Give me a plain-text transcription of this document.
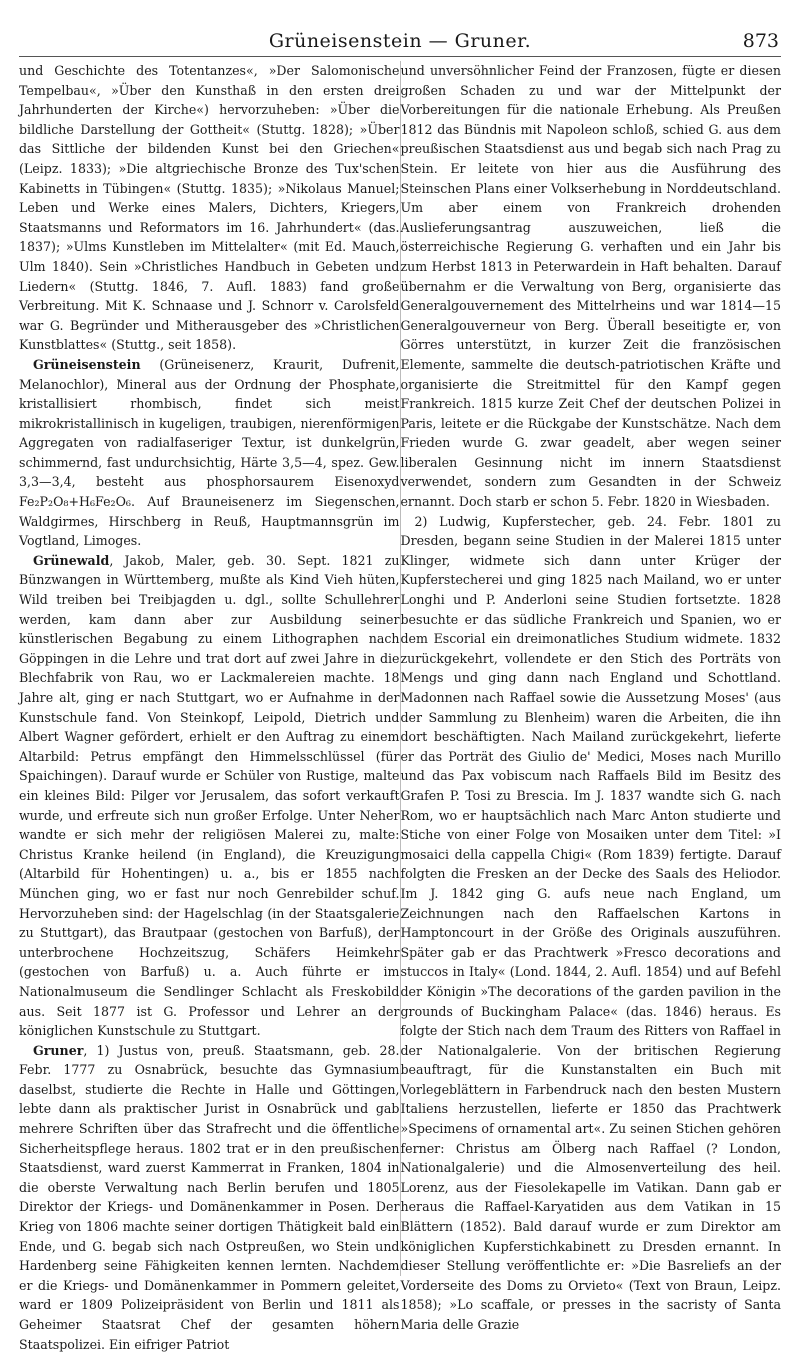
Grüneisenstein — Gruner.	873

und Geschichte des Totentanzes«, »Der Salomonische Tempelbau«, »Über den Kunsthaß in den ersten drei Jahrhunderten der Kirche«) hervorzuheben: »Über die bildliche Darstellung der Gottheit« (Stuttg. 1828); »Über das Sittliche der bildenden Kunst bei den Griechen« (Leipz. 1833); »Die altgriechische Bronze des Tux'schen Kabinetts in Tübingen« (Stuttg. 1835); »Nikolaus Manuel; Leben und Werke eines Malers, Dichters, Kriegers, Staatsmanns und Reformators im 16. Jahrhundert« (das. 1837); »Ulms Kunstleben im Mittelalter« (mit Ed. Mauch, Ulm 1840). Sein »Christliches Handbuch in Gebeten und Liedern« (Stuttg. 1846, 7. Aufl. 1883) fand große Verbreitung. Mit K. Schnaase und J. Schnorr v. Carolsfeld war G. Begründer und Mitherausgeber des »Christlichen Kunstblattes« (Stuttg., seit 1858).

Grüneisenstein (Grüneisenerz, Kraurit, Dufrenit, Melanochlor), Mineral aus der Ordnung der Phosphate, kristallisiert rhombisch, findet sich meist mikrokristallinisch in kugeligen, traubigen, nierenförmigen Aggregaten von radialfaseriger Textur, ist dunkelgrün, schimmernd, fast undurchsichtig, Härte 3,5—4, spez. Gew. 3,3—3,4, besteht aus phosphorsaurem Eisenoxyd Fe₂P₂O₈+H₆Fe₂O₆. Auf Brauneisenerz im Siegenschen, Waldgirmes, Hirschberg in Reuß, Hauptmannsgrün im Vogtland, Limoges.

Grünewald, Jakob, Maler, geb. 30. Sept. 1821 zu Bünzwangen in Württemberg, mußte als Kind Vieh hüten, Wild treiben bei Treibjagden u. dgl., sollte Schullehrer werden, kam dann aber zur Ausbildung seiner künstlerischen Begabung zu einem Lithographen nach Göppingen in die Lehre und trat dort auf zwei Jahre in die Blechfabrik von Rau, wo er Lackmalereien machte. 18 Jahre alt, ging er nach Stuttgart, wo er Aufnahme in der Kunstschule fand. Von Steinkopf, Leipold, Dietrich und Albert Wagner gefördert, erhielt er den Auftrag zu einem Altarbild: Petrus empfängt den Himmelsschlüssel (für Spaichingen). Darauf wurde er Schüler von Rustige, malte ein kleines Bild: Pilger vor Jerusalem, das sofort verkauft wurde, und erfreute sich nun großer Erfolge. Unter Neher wandte er sich mehr der religiösen Malerei zu, malte: Christus Kranke heilend (in England), die Kreuzigung (Altarbild für Hohentingen) u. a., bis er 1855 nach München ging, wo er fast nur noch Genrebilder schuf. Hervorzuheben sind: der Hagelschlag (in der Staatsgalerie zu Stuttgart), das Brautpaar (gestochen von Barfuß), der unterbrochene Hochzeitszug, Schäfers Heimkehr (gestochen von Barfuß) u. a. Auch führte er im Nationalmuseum die Sendlinger Schlacht als Freskobild aus. Seit 1877 ist G. Professor und Lehrer an der königlichen Kunstschule zu Stuttgart.

Gruner, 1) Justus von, preuß. Staatsmann, geb. 28. Febr. 1777 zu Osnabrück, besuchte das Gymnasium daselbst, studierte die Rechte in Halle und Göttingen, lebte dann als praktischer Jurist in Osnabrück und gab mehrere Schriften über das Strafrecht und die öffentliche Sicherheitspflege heraus. 1802 trat er in den preußischen Staatsdienst, ward zuerst Kammerrat in Franken, 1804 in die oberste Verwaltung nach Berlin berufen und 1805 Direktor der Kriegs- und Domänenkammer in Posen. Der Krieg von 1806 machte seiner dortigen Thätigkeit bald ein Ende, und G. begab sich nach Ostpreußen, wo Stein und Hardenberg seine Fähigkeiten kennen lernten. Nachdem er die Kriegs- und Domänenkammer in Pommern geleitet, ward er 1809 Polizeipräsident von Berlin und 1811 als Geheimer Staatsrat Chef der gesamten höhern Staatspolizei. Ein eifriger Patriot

und unversöhnlicher Feind der Franzosen, fügte er diesen großen Schaden zu und war der Mittelpunkt der Vorbereitungen für die nationale Erhebung. Als Preußen 1812 das Bündnis mit Napoleon schloß, schied G. aus dem preußischen Staatsdienst aus und begab sich nach Prag zu Stein. Er leitete von hier aus die Ausführung des Steinschen Plans einer Volkserhebung in Norddeutschland. Um aber einem von Frankreich drohenden Auslieferungsantrag auszuweichen, ließ die österreichische Regierung G. verhaften und ein Jahr bis zum Herbst 1813 in Peterwardein in Haft behalten. Darauf übernahm er die Verwaltung von Berg, organisierte das Generalgouvernement des Mittelrheins und war 1814—15 Generalgouverneur von Berg. Überall beseitigte er, von Görres unterstützt, in kurzer Zeit die französischen Elemente, sammelte die deutsch-patriotischen Kräfte und organisierte die Streitmittel für den Kampf gegen Frankreich. 1815 kurze Zeit Chef der deutschen Polizei in Paris, leitete er die Rückgabe der Kunstschätze. Nach dem Frieden wurde G. zwar geadelt, aber wegen seiner liberalen Gesinnung nicht im innern Staatsdienst verwendet, sondern zum Gesandten in der Schweiz ernannt. Doch starb er schon 5. Febr. 1820 in Wiesbaden.

2) Ludwig, Kupferstecher, geb. 24. Febr. 1801 zu Dresden, begann seine Studien in der Malerei 1815 unter Klinger, widmete sich dann unter Krüger der Kupferstecherei und ging 1825 nach Mailand, wo er unter Longhi und P. Anderloni seine Studien fortsetzte. 1828 besuchte er das südliche Frankreich und Spanien, wo er dem Escorial ein dreimonatliches Studium widmete. 1832 zurückgekehrt, vollendete er den Stich des Porträts von Mengs und ging dann nach England und Schottland. Madonnen nach Raffael sowie die Aussetzung Moses' (aus der Sammlung zu Blenheim) waren die Arbeiten, die ihn dort beschäftigten. Nach Mailand zurückgekehrt, lieferte er das Porträt des Giulio de' Medici, Moses nach Murillo und das Pax vobiscum nach Raffaels Bild im Besitz des Grafen P. Tosi zu Brescia. Im J. 1837 wandte sich G. nach Rom, wo er hauptsächlich nach Marc Anton studierte und Stiche von einer Folge von Mosaiken unter dem Titel: »I mosaici della cappella Chigi« (Rom 1839) fertigte. Darauf folgten die Fresken an der Decke des Saals des Heliodor. Im J. 1842 ging G. aufs neue nach England, um Zeichnungen nach den Raffaelschen Kartons in Hamptoncourt in der Größe des Originals auszuführen. Später gab er das Prachtwerk »Fresco decorations and stuccos in Italy« (Lond. 1844, 2. Aufl. 1854) und auf Befehl der Königin »The decorations of the garden pavilion in the grounds of Buckingham Palace« (das. 1846) heraus. Es folgte der Stich nach dem Traum des Ritters von Raffael in der Nationalgalerie. Von der britischen Regierung beauftragt, für die Kunstanstalten ein Buch mit Vorlegeblättern in Farbendruck nach den besten Mustern Italiens herzustellen, lieferte er 1850 das Prachtwerk »Specimens of ornamental art«. Zu seinen Stichen gehören ferner: Christus am Ölberg nach Raffael (? London, Nationalgalerie) und die Almosenverteilung des heil. Lorenz, aus der Fiesolekapelle im Vatikan. Dann gab er heraus die Raffael-Karyatiden aus dem Vatikan in 15 Blättern (1852). Bald darauf wurde er zum Direktor am königlichen Kupferstichkabinett zu Dresden ernannt. In dieser Stellung veröffentlichte er: »Die Basreliefs an der Vorderseite des Doms zu Orvieto« (Text von Braun, Leipz. 1858); »Lo scaffale, or presses in the sacristy of Santa Maria delle Grazie
